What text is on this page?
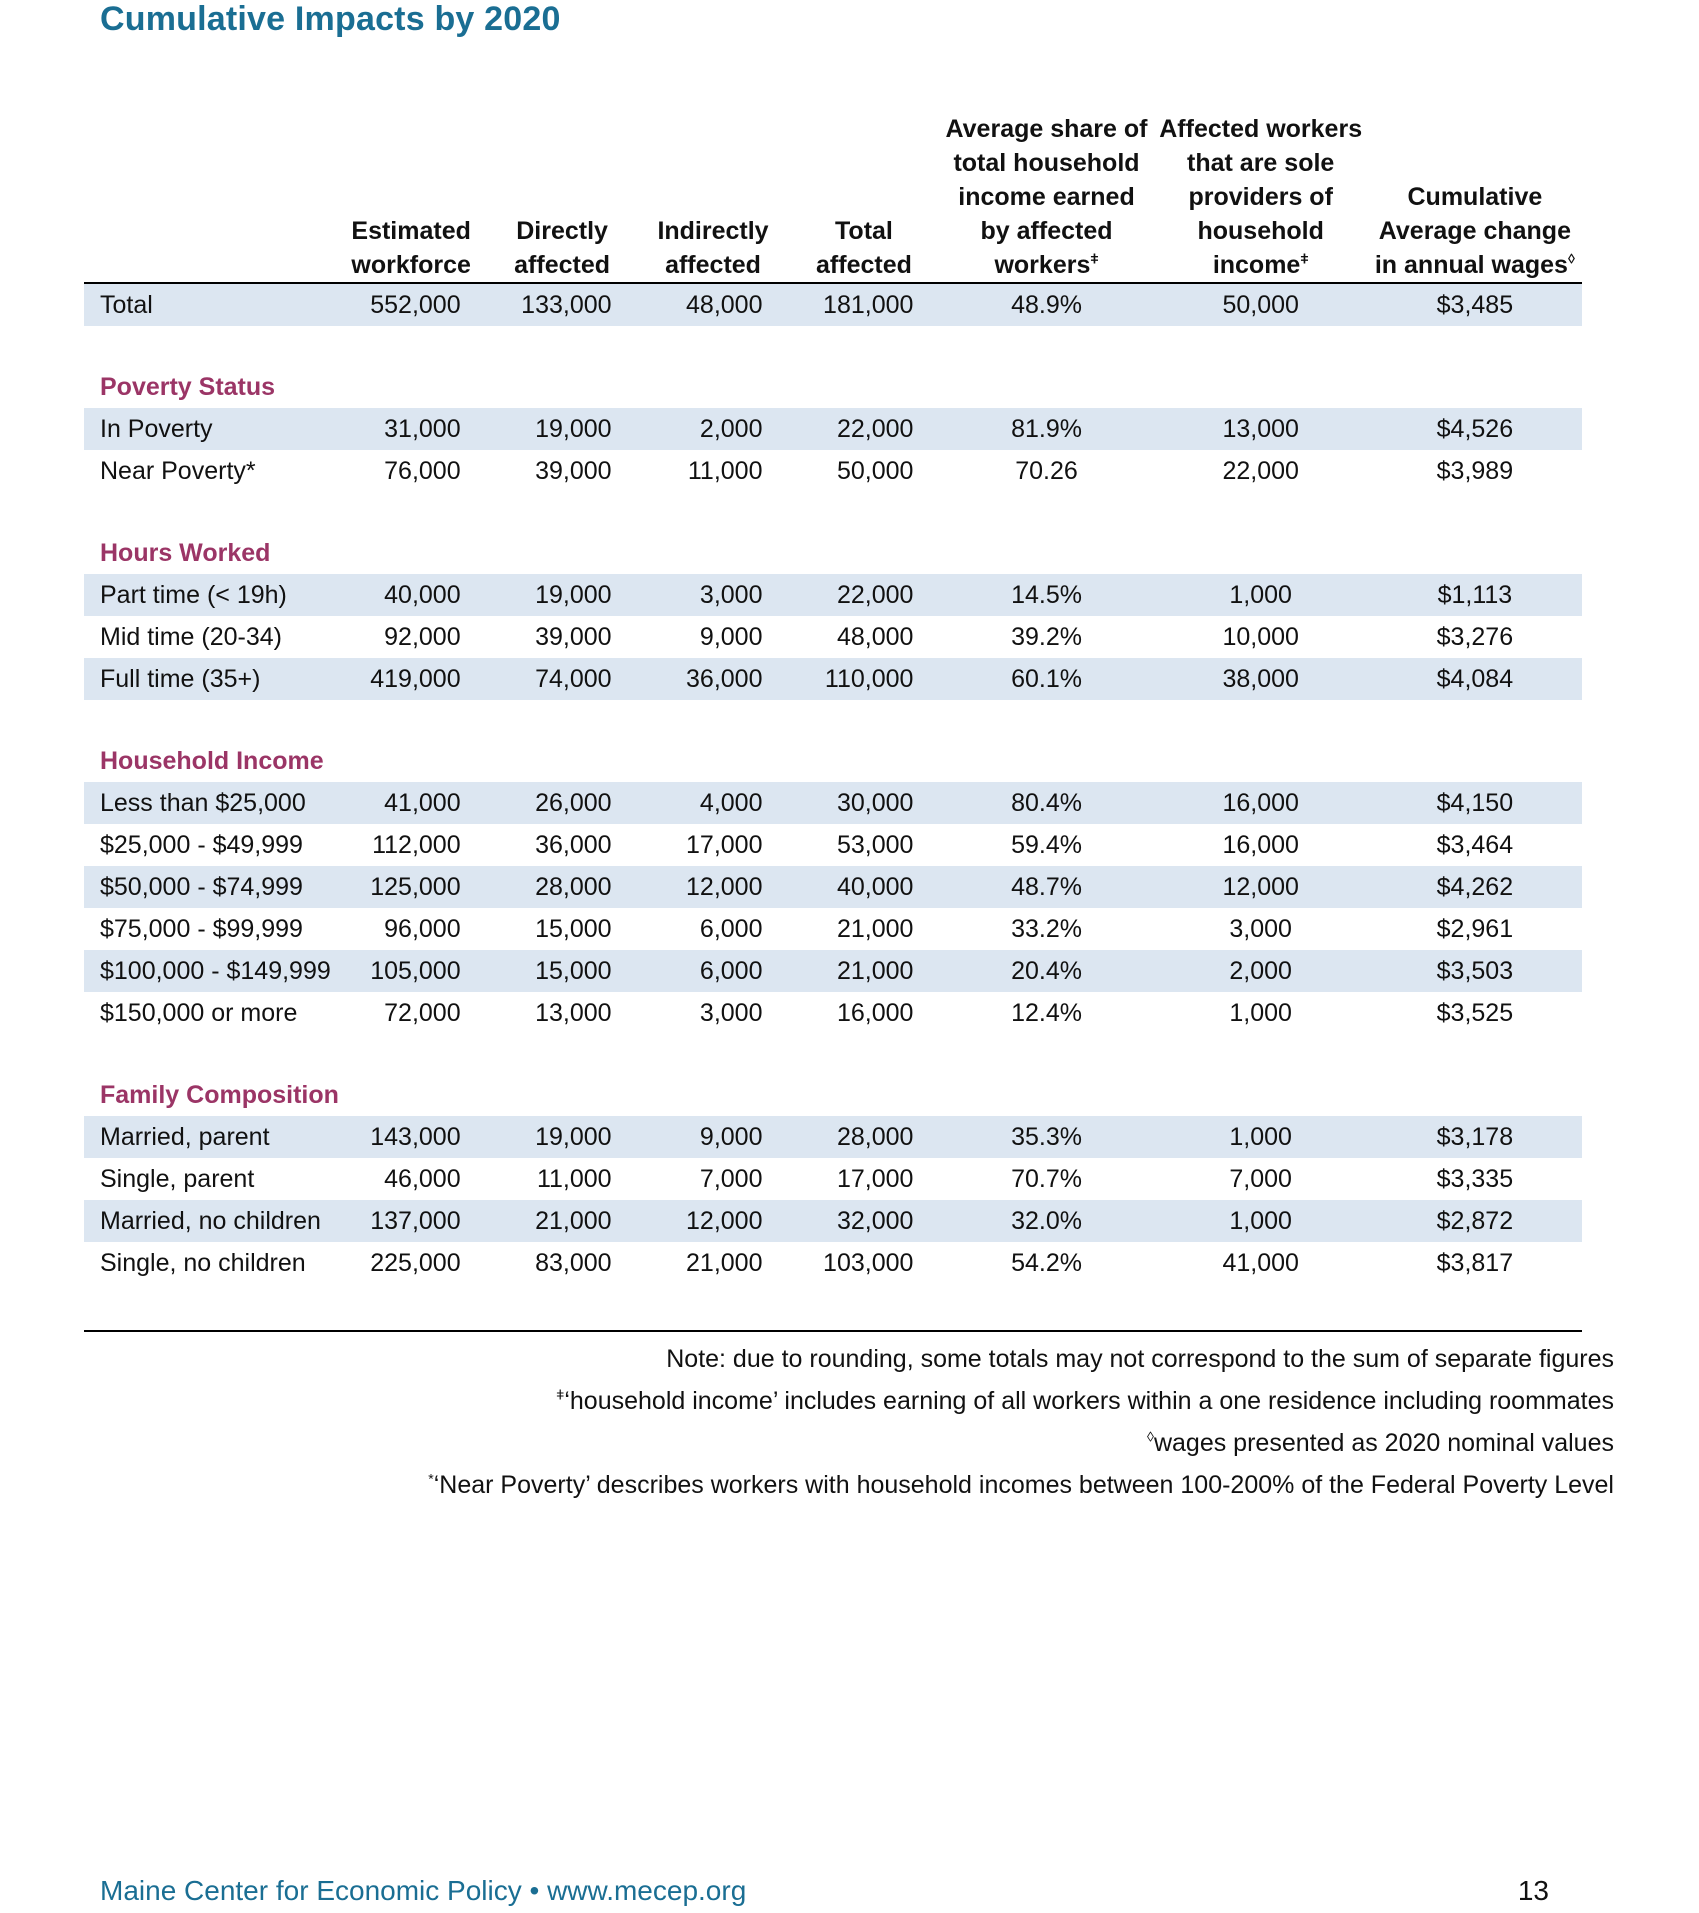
Cumulative Impacts by 2020
	Estimated workforce	Directly affected	Indirectly affected	Total affected	Average share of total household income earned by affected workers$^ǂ$	Affected workers that are sole providers of household income$^ǂ$	Cumulative Average change in annual wages◊
Total	552,000	133,000	48,000	181,000	48.9%	50,000	$3,485

Poverty Status							
In Poverty	31,000	19,000	2,000	22,000	81.9%	13,000	$4,526
Near Poverty*	76,000	39,000	11,000	50,000	70.26	22,000	$3,989

Hours Worked							
Part time (< 19h)	40,000	19,000	3,000	22,000	14.5%	1,000	$1,113
Mid time (20-34)	92,000	39,000	9,000	48,000	39.2%	10,000	$3,276
Full time (35+)	419,000	74,000	36,000	110,000	60.1%	38,000	$4,084

Household Income							
Less than $25,000	41,000	26,000	4,000	30,000	80.4%	16,000	$4,150
$25,000 - $49,999	112,000	36,000	17,000	53,000	59.4%	16,000	$3,464
$50,000 - $74,999	125,000	28,000	12,000	40,000	48.7%	12,000	$4,262
$75,000 - $99,999	96,000	15,000	6,000	21,000	33.2%	3,000	$2,961
$100,000 - $149,999	105,000	15,000	6,000	21,000	20.4%	2,000	$3,503
$150,000 or more	72,000	13,000	3,000	16,000	12.4%	1,000	$3,525

Family Composition							
Married, parent	143,000	19,000	9,000	28,000	35.3%	1,000	$3,178
Single, parent	46,000	11,000	7,000	17,000	70.7%	7,000	$3,335
Married, no children	137,000	21,000	12,000	32,000	32.0%	1,000	$2,872
Single, no children	225,000	83,000	21,000	103,000	54.2%	41,000	$3,817
Note: due to rounding, some totals may not correspond to the sum of separate figures
$^ǂ$‘household income’ includes earning of all workers within a one residence including roommates
◊wages presented as 2020 nominal values
*‘Near Poverty’ describes workers with household incomes between 100-200% of the Federal Poverty Level
Maine Center for Economic Policy • www.mecep.org	13
